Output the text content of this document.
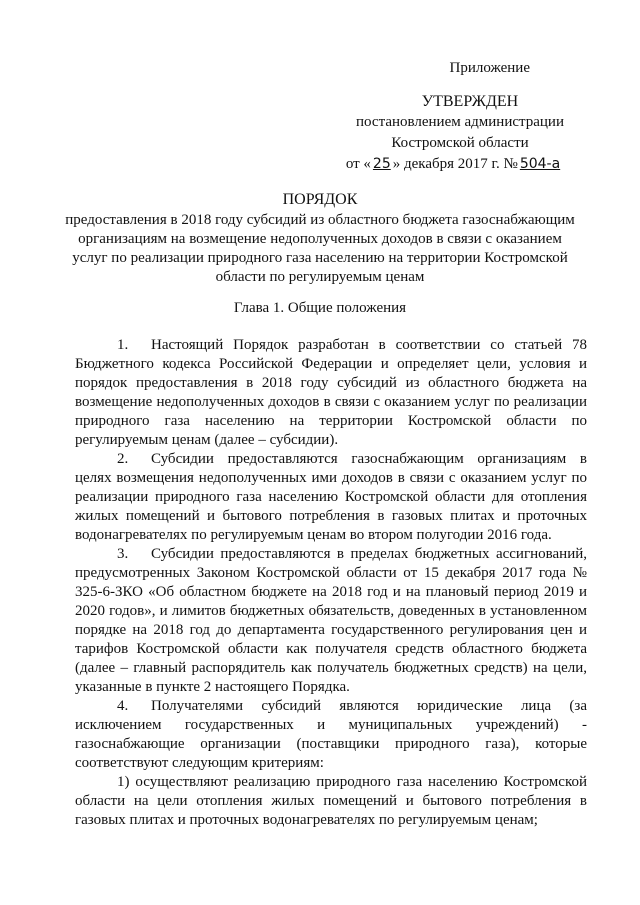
Приложение
УТВЕРЖДЕН
постановлением администрации
Костромской области
от « 25 » декабря 2017 г. № 504-а
ПОРЯДОК
предоставления в 2018 году субсидий из областного бюджета газоснабжающим организациям на возмещение недополученных доходов в связи с оказанием услуг по реализации природного газа населению на территории Костромской области по регулируемым ценам
Глава 1. Общие положения

1. Настоящий Порядок разработан в соответствии со статьей 78 Бюджетного кодекса Российской Федерации и определяет цели, условия и порядок предоставления в 2018 году субсидий из областного бюджета на возмещение недополученных доходов в связи с оказанием услуг по реализации природного газа населению на территории Костромской области по регулируемым ценам (далее – субсидии).

2. Субсидии предоставляются газоснабжающим организациям в целях возмещения недополученных ими доходов в связи с оказанием услуг по реализации природного газа населению Костромской области для отопления жилых помещений и бытового потребления в газовых плитах и проточных водонагревателях по регулируемым ценам во втором полугодии 2016 года.

3. Субсидии предоставляются в пределах бюджетных ассигнований, предусмотренных Законом Костромской области от 15 декабря 2017 года № 325-6-ЗКО «Об областном бюджете на 2018 год и на плановый период 2019 и 2020 годов», и лимитов бюджетных обязательств, доведенных в установленном порядке на 2018 год до департамента государственного регулирования цен и тарифов Костромской области как получателя средств областного бюджета (далее – главный распорядитель как получатель бюджетных средств) на цели, указанные в пункте 2 настоящего Порядка.

4. Получателями субсидий являются юридические лица (за исключением государственных и муниципальных учреждений) - газоснабжающие организации (поставщики природного газа), которые соответствуют следующим критериям:

1) осуществляют реализацию природного газа населению Костромской области на цели отопления жилых помещений и бытового потребления в газовых плитах и проточных водонагревателях по регулируемым ценам;
